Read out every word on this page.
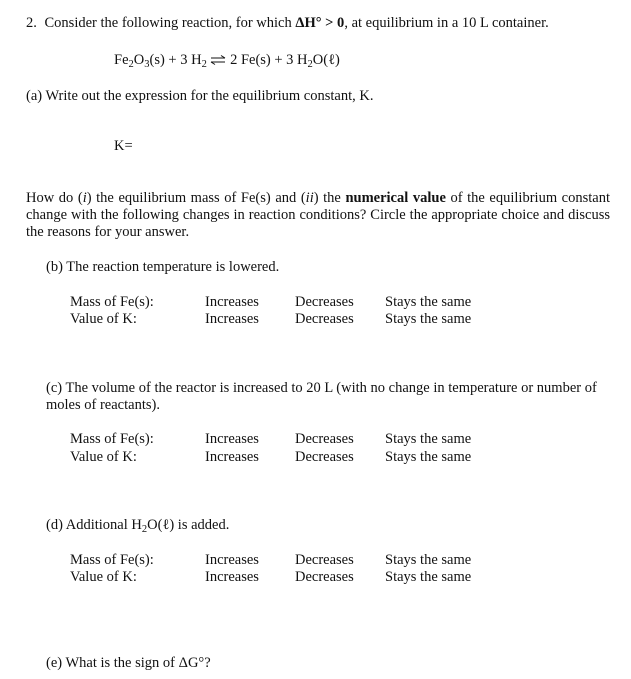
2. Consider the following reaction, for which ΔH° > 0, at equilibrium in a 10 L container.
$Fe_2O_3(s) + 3$ $H_2$ ⇌ 2 Fe(s) + 3 $H_2O(\ell)$
(a) Write out the expression for the equilibrium constant, K.
K=
How do (i) the equilibrium mass of Fe(s) and (ii) the numerical value of the equilibrium constant change with the following changes in reaction conditions? Circle the appropriate choice and discuss the reasons for your answer.
(b) The reaction temperature is lowered.
Mass of Fe(s):	Increases Decreases Stays the same
Value of K:	Increases Decreases Stays the same
(c) The volume of the reactor is increased to 20 L (with no change in temperature or number of moles of reactants).
Mass of Fe(s):	Increases Decreases Stays the same
Value of K:	Increases Decreases Stays the same
(d) Additional $H_2O(\ell)$ is added.
Mass of Fe(s):	Increases Decreases Stays the same
Value of K:	Increases Decreases Stays the same
(e) What is the sign of ΔG°?
